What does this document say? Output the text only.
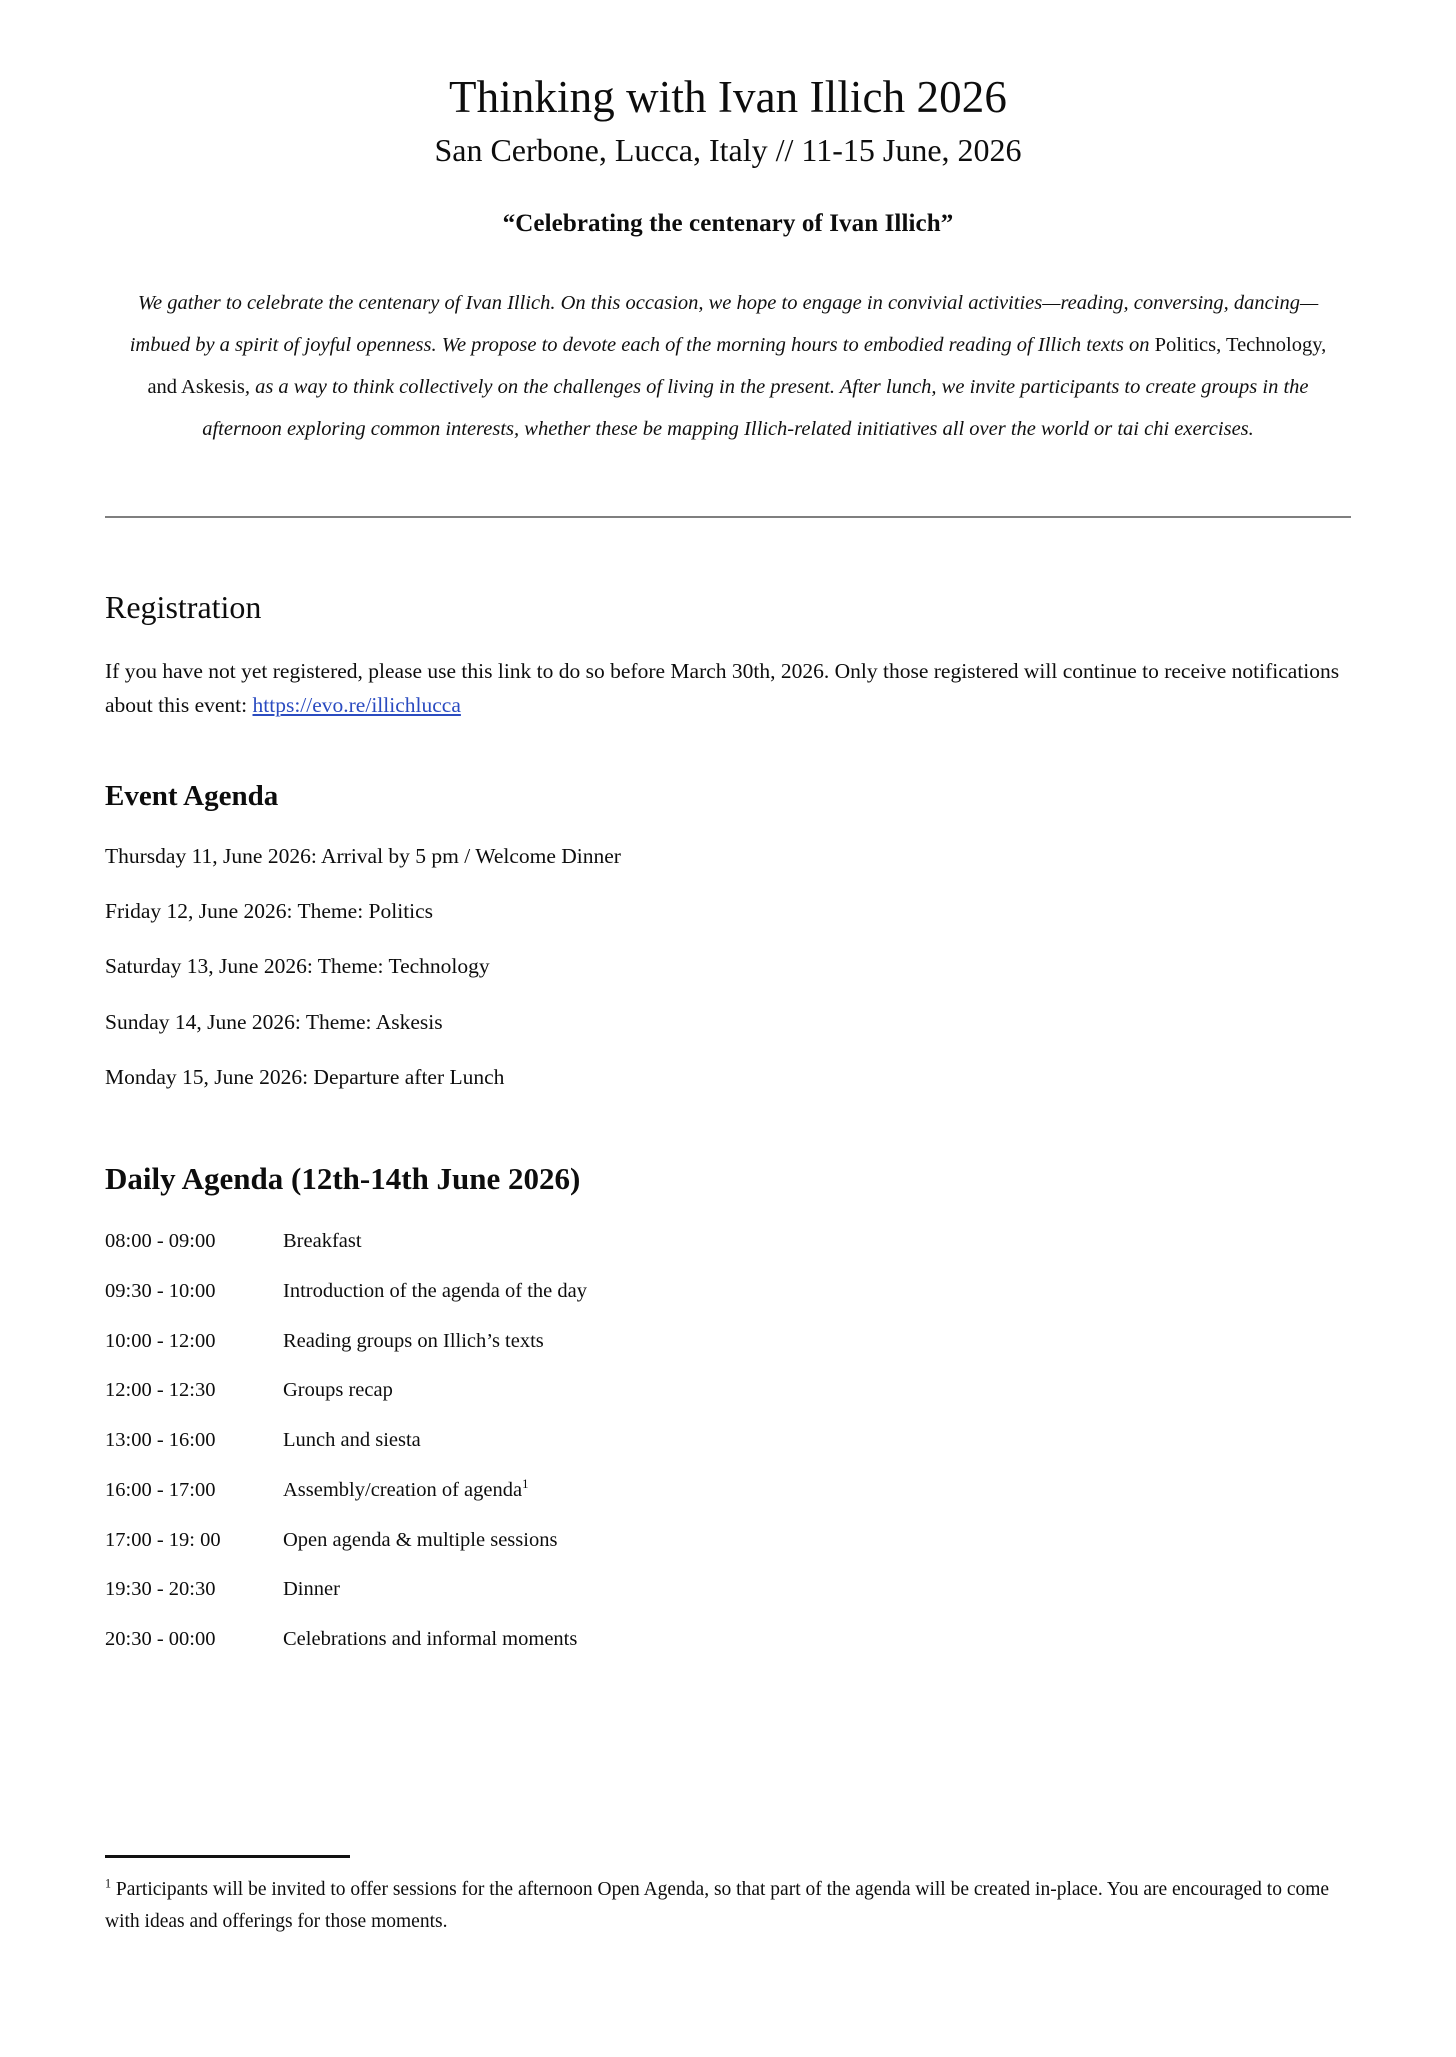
Thinking with Ivan Illich 2026
San Cerbone, Lucca, Italy // 11-15 June, 2026
“Celebrating the centenary of Ivan Illich”

We gather to celebrate the centenary of Ivan Illich. On this occasion, we hope to engage in convivial activities—reading, conversing, dancing—imbued by a spirit of joyful openness. We propose to devote each of the morning hours to embodied reading of Illich texts on Politics, Technology, and Askesis, as a way to think collectively on the challenges of living in the present. After lunch, we invite participants to create groups in the afternoon exploring common interests, whether these be mapping Illich-related initiatives all over the world or tai chi exercises.

Registration

If you have not yet registered, please use this link to do so before March 30th, 2026. Only those registered will continue to receive notifications about this event: https://evo.re/illichlucca

Event Agenda
Thursday 11, June 2026: Arrival by 5 pm / Welcome Dinner
Friday 12, June 2026: Theme: Politics
Saturday 13, June 2026: Theme: Technology
Sunday 14, June 2026: Theme: Askesis
Monday 15, June 2026: Departure after Lunch
Daily Agenda (12th-14th June 2026)
08:00 - 09:00	Breakfast
09:30 - 10:00	Introduction of the agenda of the day
10:00 - 12:00	Reading groups on Illich’s texts
12:00 - 12:30	Groups recap
13:00 - 16:00	Lunch and siesta
16:00 - 17:00	Assembly/creation of agenda$^1$
17:00 - 19: 00	Open agenda & multiple sessions
19:30 - 20:30	Dinner
20:30 - 00:00	Celebrations and informal moments

$^1$ Participants will be invited to offer sessions for the afternoon Open Agenda, so that part of the agenda will be created in-place. You are encouraged to come with ideas and offerings for those moments.
